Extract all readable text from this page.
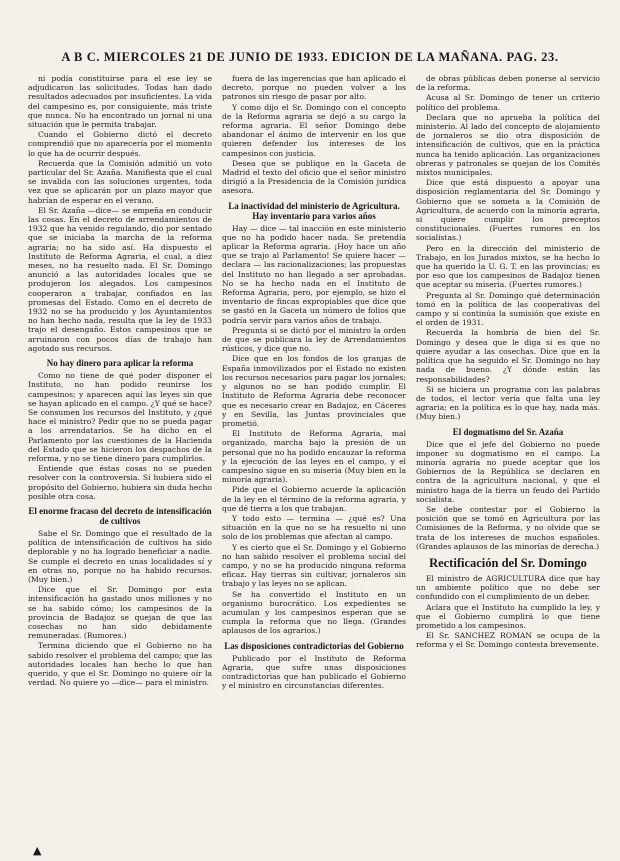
A B C. MIERCOLES 21 DE JUNIO DE 1933. EDICION DE LA MAÑANA. PAG. 23.

ni podía constituirse para el ese ley se adjudicaron las solicitudes. Todas han dado resultados adecuados por insuficientes. La vida del campesino es, por consiguiente, más triste que nunca. No ha encontrado un jornal ni una situación que le permita trabajar.

Cuando el Gobierno dictó el decreto comprendió que no aparecería por el momento lo que ha de ocurrir después.

Recuerda que la Comisión admitió un voto particular del Sr. Azaña. Manifiesta que el cual se invalida con las soluciones urgentes, toda vez que se aplicarán por un plazo mayor que habrían de esperar en el verano.

El Sr. Azaña —dice— se empeña en conducir las cosas. En el decreto de arrendamientos de 1932 que ha venido regulando, dio por sentado que se iniciaba la marcha de la reforma agraria; no ha sido así. Ha dispuesto el Instituto de Reforma Agraria, el cual, a diez meses, no ha resuelto nada. El Sr. Domingo anunció a las autoridades locales que se produjeron los alegados. Los campesinos cooperaron a trabajar, confiados en las promesas del Estado. Como en el decreto de 1932 no se ha producido y los Ayuntamientos no han hecho nada, resulta que la ley de 1933 trajo el desengaño. Estos campesinos que se arruinaron con pocos días de trabajo han agotado sus recursos.

No hay dinero para aplicar la reforma

Como no tiene de qué poder disponer el Instituto, no han podido reunirse los campesinos; y aparecen aquí las leyes sin que se hayan aplicado en el campo. ¿Y qué se hace? Se consumen los recursos del Instituto, y ¿qué hace el ministro? Pedir que no se pueda pagar a los arrendatarios. Se ha dicho en el Parlamento por las cuestiones de la Hacienda del Estado que se hicieron los despachos de la reforma, y no se tiene dinero para cumplirlos.

Entiende que éstas cosas no se pueden resolver con la controversia. Si hubiera sido el propósito del Gobierno, hubiera sin duda hecho posible otra cosa.

El enorme fracaso del decreto de intensificación de cultivos

Sabe el Sr. Domingo que el resultado de la política de intensificación de cultivos ha sido deplorable y no ha logrado beneficiar a nadie. Se cumple el decreto en unas localidades sí y en otras no, porque no ha habido recursos. (Muy bien.)

Dice que el Sr. Domingo por esta intensificación ha gastado unos millones y no se ha sabido cómo; los campesinos de la provincia de Badajoz se quejan de que las cosechas no han sido debidamente remuneradas. (Rumores.)

Termina diciendo que el Gobierno no ha sabido resolver el problema del campo; que las autoridades locales han hecho lo que han querido, y que el Sr. Domingo no quiere oír la verdad. No quiere yo —dice— para el ministro.

fuera de las ingerencias que han aplicado el decreto, porque no pueden volver a los patronos sin riesgo de pasar por alto.

Y como dijo el Sr. Domingo con el concepto de la Reforma agraria se dejó a su cargo la reforma agraria. El señor Domingo debe abandonar el ánimo de intervenir en los que quieren defender los intereses de los campesinos con justicia.

Desea que se publique en la Gaceta de Madrid el texto del oficio que el señor ministro dirigió a la Presidencia de la Comisión jurídica asesora.

La inactividad del ministerio de Agricultura. Hay inventario para varios años

Hay — dice — tal inacción en este ministerio que no ha podido hacer nada. Se pretendía aplicar la Reforma agraria. ¡Hoy hace un año que se trajo al Parlamento! Se quiere hacer — declara — las racionalizaciones; las propuestas del Instituto no han llegado a ser aprobadas. No se ha hecho nada en el Instituto de Reforma Agraria, pero, por ejemplo, se hizo el inventario de fincas expropiables que dice que se gastó en la Gaceta un número de folios que podría servir para varios años de trabajo.

Pregunta si se dictó por el ministro la orden de que se publicara la ley de Arrendamientos rústicos, y dice que no.

Dice que en los fondos de los granjas de España inmovilizados por el Estado no existen los recursos necesarios para pagar los jornales; y algunos no se han podido cumplir. El Instituto de Reforma Agraria debe reconocer que es necesario crear en Badajoz, en Cáceres y en Sevilla, las Juntas provinciales que prometió.

El Instituto de Reforma Agraria, mal organizado, marcha bajo la presión de un personal que no ha podido encauzar la reforma y la ejecución de las leyes en el campo, y el campesino sigue en su miseria (Muy bien en la minoría agraria).

Pide que el Gobierno acuerde la aplicación de la ley en el término de la reforma agraria, y que dé tierra a los que trabajan.

Y todo esto — termina — ¿qué es? Una situación en la que no se ha resuelto ni uno solo de los problemas que afectan al campo.

Y es cierto que el Sr. Domingo y el Gobierno no han sabido resolver el problema social del campo, y no se ha producido ninguna reforma eficaz. Hay tierras sin cultivar, jornaleros sin trabajo y las leyes no se aplican.

Se ha convertido el Instituto en un organismo burocrático. Los expedientes se acumulan y los campesinos esperan que se cumpla la reforma que no llega. (Grandes aplausos de los agrarios.)

Las disposiciones contradictorias del Gobierno

Publicado por el Instituto de Reforma Agraria, que sufre unas disposiciones contradictorias que han publicado el Gobierno y el ministro en circunstancias diferentes.

de obras públicas deben ponerse al servicio de la reforma.

Acusa al Sr. Domingo de tener un criterio político del problema.

Declara que no aprueba la política del ministerio. Al lado del concepto de alojamiento de jornaleros se dio otra disposición de intensificación de cultivos, que en la práctica nunca ha tenido aplicación. Las organizaciones obreras y patronales se quejan de los Comités mixtos municipales.

Dice que está dispuesto a apoyar una disposición reglamentaria del Sr. Domingo y Gobierno que se someta a la Comisión de Agricultura, de acuerdo con la minoría agraria, si quiere cumplir los preceptos constitucionales. (Fuertes rumores en los socialistas.)

Pero en la dirección del ministerio de Trabajo, en los Jurados mixtos, se ha hecho lo que ha querido la U. G. T. en las provincias; es por eso que los campesinos de Badajoz tienen que aceptar su miseria. (Fuertes rumores.)

Pregunta al Sr. Domingo qué determinación tomó en la política de las cooperativas del campo y si continúa la sumisión que existe en el orden de 1931.

Recuerda la hombría de bien del Sr. Domingo y desea que le diga si es que no quiere ayudar a las cosechas. Dice que en la política que ha seguido el Sr. Domingo no hay nada de bueno. ¿Y dónde están las responsabilidades?

Si se hiciera un programa con las palabras de todos, el lector vería que falta una ley agraria; en la política es lo que hay, nada más. (Muy bien.)

El dogmatismo del Sr. Azaña

Dice que el jefe del Gobierno no puede imponer su dogmatismo en el campo. La minoría agraria no puede aceptar que los Gobiernos de la República se declaren en contra de la agricultura nacional, y que el ministro haga de la tierra un feudo del Partido socialista.

Se debe contestar por el Gobierno la posición que se tomó en Agricultura por las Comisiones de la Reforma, y no olvide que se trata de los intereses de muchos españoles. (Grandes aplausos de las minorías de derecha.)

Rectificación del Sr. Domingo

El ministro de AGRICULTURA dice que hay un ambiente político que no debe ser confundido con el cumplimiento de un deber.

Aclara que el Instituto ha cumplido la ley, y que el Gobierno cumplirá lo que tiene prometido a los campesinos.

El Sr. SANCHEZ ROMAN se ocupa de la reforma y el Sr. Domingo contesta brevemente.

▲
